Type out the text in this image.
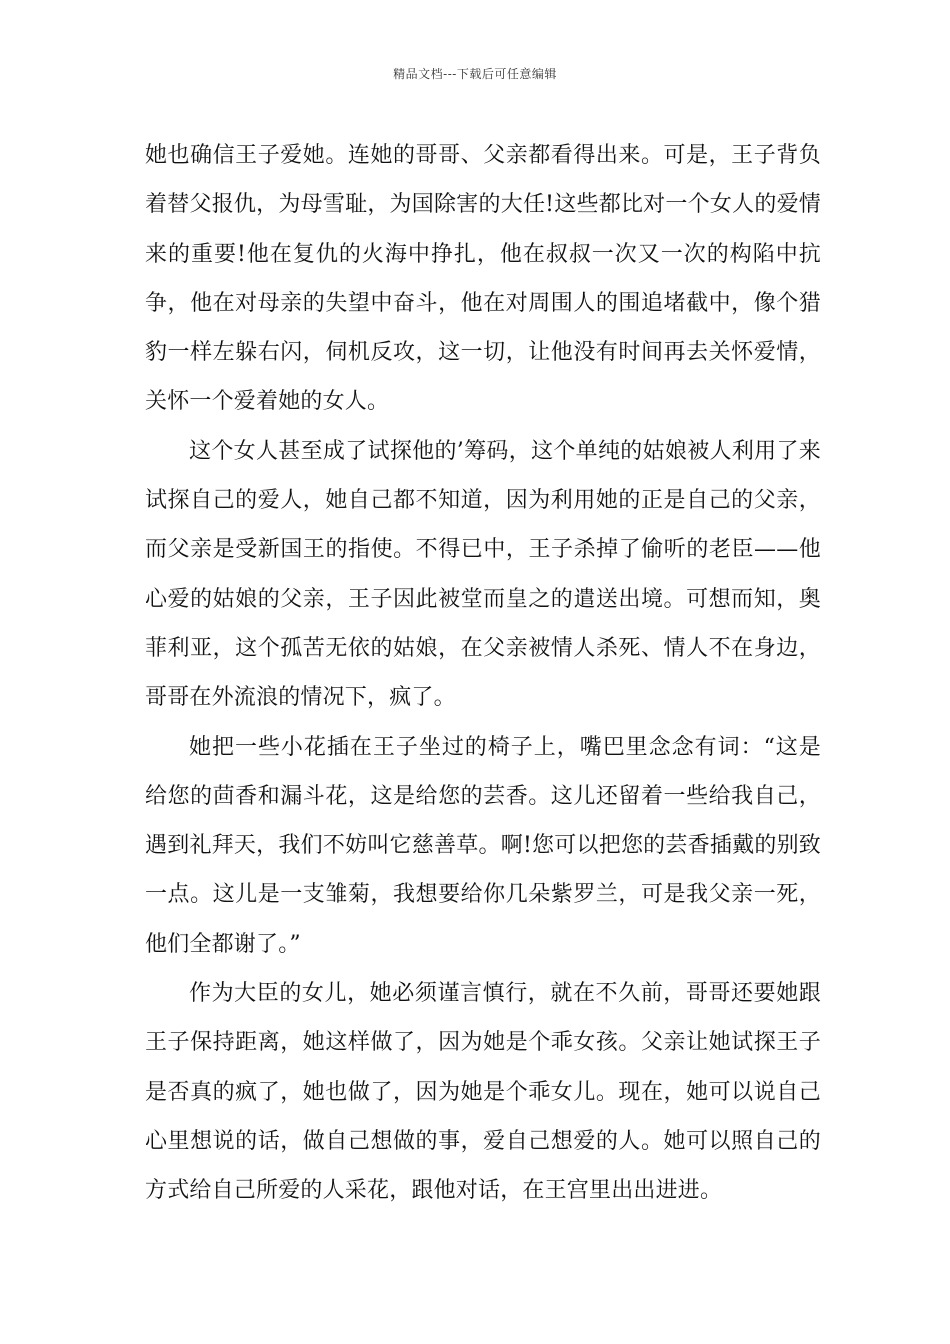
精品文档---下载后可任意编辑

她也确信王子爱她。连她的哥哥、父亲都看得出来。可是，王子背负着替父报仇，为母雪耻，为国除害的大任!这些都比对一个女人的爱情来的重要!他在复仇的火海中挣扎，他在叔叔一次又一次的构陷中抗争，他在对母亲的失望中奋斗，他在对周围人的围追堵截中，像个猎豹一样左躲右闪，伺机反攻，这一切，让他没有时间再去关怀爱情，关怀一个爱着她的女人。

这个女人甚至成了试探他的’筹码，这个单纯的姑娘被人利用了来试探自己的爱人，她自己都不知道，因为利用她的正是自己的父亲，而父亲是受新国王的指使。不得已中，王子杀掉了偷听的老臣——他心爱的姑娘的父亲，王子因此被堂而皇之的遣送出境。可想而知，奥菲利亚，这个孤苦无依的姑娘，在父亲被情人杀死、情人不在身边，哥哥在外流浪的情况下，疯了。

她把一些小花插在王子坐过的椅子上，嘴巴里念念有词：“这是给您的茴香和漏斗花，这是给您的芸香。这儿还留着一些给我自己，遇到礼拜天，我们不妨叫它慈善草。啊!您可以把您的芸香插戴的别致一点。这儿是一支雏菊，我想要给你几朵紫罗兰，可是我父亲一死，他们全都谢了。”

作为大臣的女儿，她必须谨言慎行，就在不久前，哥哥还要她跟王子保持距离，她这样做了，因为她是个乖女孩。父亲让她试探王子是否真的疯了，她也做了，因为她是个乖女儿。现在，她可以说自己心里想说的话，做自己想做的事，爱自己想爱的人。她可以照自己的方式给自己所爱的人采花，跟他对话，在王宫里出出进进。
